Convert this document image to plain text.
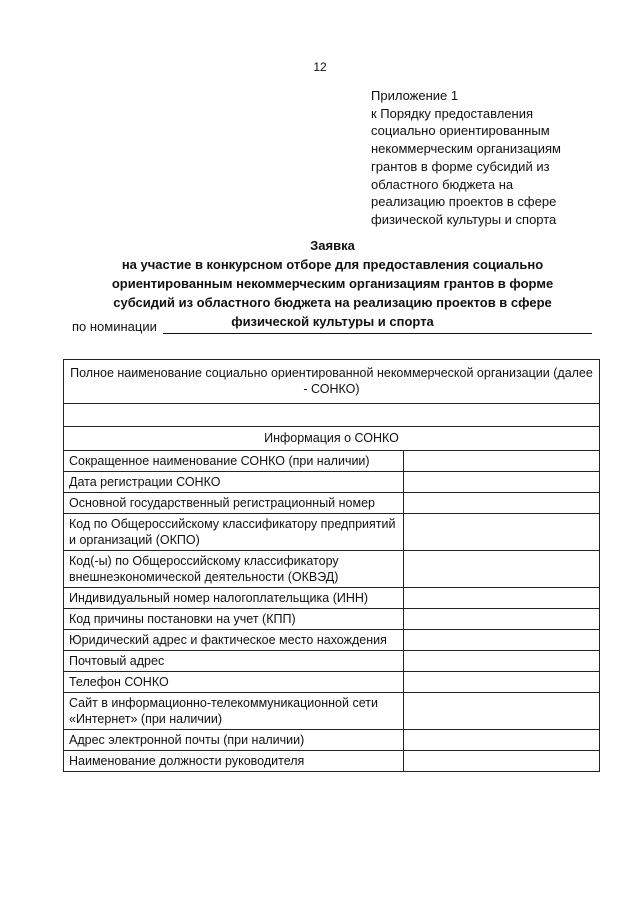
12
Приложение 1
к Порядку предоставления
социально ориентированным
некоммерческим организациям
грантов в форме субсидий из
областного бюджета на
реализацию проектов в сфере
физической культуры и спорта
Заявка
на участие в конкурсном отборе для предоставления социально
ориентированным некоммерческим организациям грантов в форме
субсидий из областного бюджета на реализацию проектов в сфере
физической культуры и спорта
по номинации
Полное наименование социально ориентированной некоммерческой организации (далее - СОНКО)	

Информация о СОНКО	
Сокращенное наименование СОНКО (при наличии)	
Дата регистрации СОНКО	
Основной государственный регистрационный номер	
Код по Общероссийскому классификатору предприятий и организаций (ОКПО)	
Код(-ы) по Общероссийскому классификатору внешнеэкономической деятельности (ОКВЭД)	
Индивидуальный номер налогоплательщика (ИНН)	
Код причины постановки на учет (КПП)	
Юридический адрес и фактическое место нахождения	
Почтовый адрес	
Телефон СОНКО	
Сайт в информационно-телекоммуникационной сети «Интернет» (при наличии)	
Адрес электронной почты (при наличии)	
Наименование должности руководителя	
